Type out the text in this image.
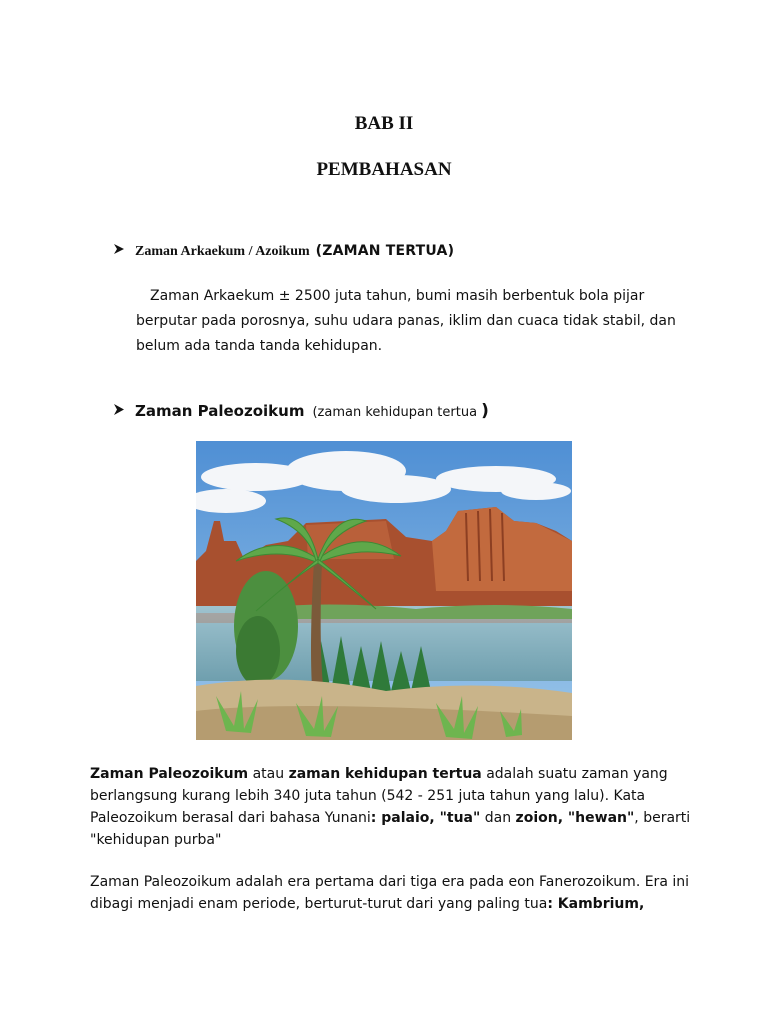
BAB II
PEMBAHASAN
Zaman Arkaekum / Azoikum (ZAMAN TERTUA)

Zaman Arkaekum ± 2500 juta tahun, bumi masih berbentuk bola pijar berputar pada porosnya, suhu udara panas, iklim dan cuaca tidak stabil, dan belum ada tanda tanda kehidupan.

Zaman Paleozoikum (zaman kehidupan tertua )

Zaman Paleozoikum atau zaman kehidupan tertua adalah suatu zaman yang berlangsung kurang lebih 340 juta tahun (542 - 251 juta tahun yang lalu). Kata Paleozoikum berasal dari bahasa Yunani: palaio, "tua" dan zoion, "hewan", berarti "kehidupan purba"

Zaman Paleozoikum adalah era pertama dari tiga era pada eon Fanerozoikum. Era ini dibagi menjadi enam periode, berturut-turut dari yang paling tua: Kambrium,
